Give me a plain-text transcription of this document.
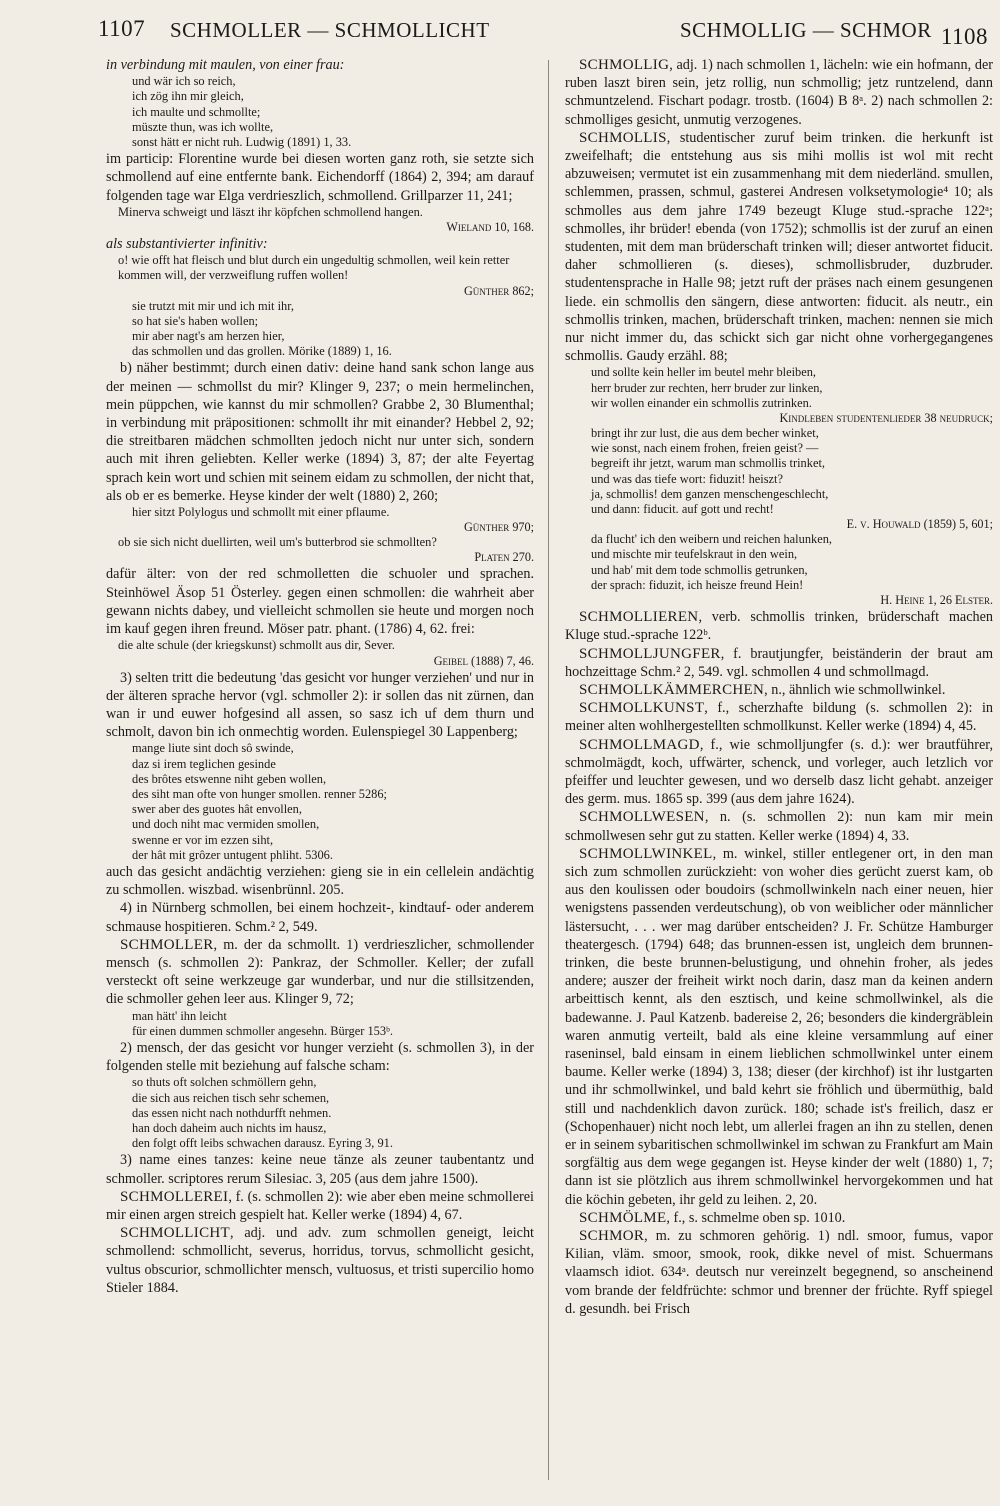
1107 SCHMOLLER — SCHMOLLICHT	SCHMOLLIG — SCHMOR 1108

in verbindung mit maulen, von einer frau:

und wär ich so reich,
ich zög ihn mir gleich,
ich maulte und schmollte;
müszte thun, was ich wollte,
sonst hätt er nicht ruh. Ludwig (1891) 1, 33.

im particip: Florentine wurde bei diesen worten ganz roth, sie setzte sich schmollend auf eine entfernte bank. Eichendorff (1864) 2, 394; am darauf folgenden tage war Elga verdrieszlich, schmollend. Grillparzer 11, 241;

Minerva schweigt und läszt ihr köpfchen schmollend hangen.
Wieland 10, 168.

als substantivierter infinitiv:

o! wie offt hat fleisch und blut durch ein ungedultig schmollen, weil kein retter kommen will, der verzweiflung ruffen wollen!
Günther 862;
sie trutzt mit mir und ich mit ihr,
so hat sie's haben wollen;
mir aber nagt's am herzen hier,
das schmollen und das grollen. Mörike (1889) 1, 16.

b) näher bestimmt; durch einen dativ: deine hand sank schon lange aus der meinen — schmollst du mir? Klinger 9, 237; o mein hermelinchen, mein püppchen, wie kannst du mir schmollen? Grabbe 2, 30 Blumenthal; in verbindung mit präpositionen: schmollt ihr mit einander? Hebbel 2, 92; die streitbaren mädchen schmollten jedoch nicht nur unter sich, sondern auch mit ihren geliebten. Keller werke (1894) 3, 87; der alte Feyertag sprach kein wort und schien mit seinem eidam zu schmollen, der nicht that, als ob er es bemerke. Heyse kinder der welt (1880) 2, 260;

hier sitzt Polylogus und schmollt mit einer pflaume.
Günther 970;
ob sie sich nicht duellirten, weil um's butterbrod sie schmollten?
Platen 270.

dafür älter: von der red schmolletten die schuoler und sprachen. Steinhöwel Äsop 51 Österley. gegen einen schmollen: die wahrheit aber gewann nichts dabey, und vielleicht schmollen sie heute und morgen noch im kauf gegen ihren freund. Möser patr. phant. (1786) 4, 62. frei:

die alte schule (der kriegskunst) schmollt aus dir, Sever.
Geibel (1888) 7, 46.

3) selten tritt die bedeutung 'das gesicht vor hunger verziehen' und nur in der älteren sprache hervor (vgl. schmoller 2): ir sollen das nit zürnen, dan wan ir und euwer hofgesind all assen, so sasz ich uf dem thurn und schmolt, davon bin ich onmechtig worden. Eulenspiegel 30 Lappenberg;

mange liute sint doch sô swinde,
daz si irem teglichen gesinde
des brôtes etswenne niht geben wollen,
des siht man ofte von hunger smollen. renner 5286;
swer aber des guotes hât envollen,
und doch niht mac vermiden smollen,
swenne er vor im ezzen siht,
der hât mit grôzer untugent phliht. 5306.

auch das gesicht andächtig verziehen: gieng sie in ein cellelein andächtig zu schmollen. wiszbad. wisenbrünnl. 205.

4) in Nürnberg schmollen, bei einem hochzeit-, kindtauf- oder anderem schmause hospitieren. Schm.² 2, 549.

SCHMOLLER, m. der da schmollt. 1) verdrieszlicher, schmollender mensch (s. schmollen 2): Pankraz, der Schmoller. Keller; der zufall versteckt oft seine werkzeuge gar wunderbar, und nur die stillsitzenden, die schmoller gehen leer aus. Klinger 9, 72;

man hätt' ihn leicht
für einen dummen schmoller angesehn. Bürger 153ᵇ.

2) mensch, der das gesicht vor hunger verzieht (s. schmollen 3), in der folgenden stelle mit beziehung auf falsche scham:

so thuts oft solchen schmöllern gehn,
die sich aus reichen tisch sehr schemen,
das essen nicht nach nothdurfft nehmen.
han doch daheim auch nichts im hausz,
den folgt offt leibs schwachen darausz. Eyring 3, 91.

3) name eines tanzes: keine neue tänze als zeuner taubentantz und schmoller. scriptores rerum Silesiac. 3, 205 (aus dem jahre 1500).

SCHMOLLEREI, f. (s. schmollen 2): wie aber eben meine schmollerei mir einen argen streich gespielt hat. Keller werke (1894) 4, 67.

SCHMOLLICHT, adj. und adv. zum schmollen geneigt, leicht schmollend: schmollicht, severus, horridus, torvus, schmollicht gesicht, vultus obscurior, schmollichter mensch, vultuosus, et tristi supercilio homo Stieler 1884.

SCHMOLLIG, adj. 1) nach schmollen 1, lächeln: wie ein hofmann, der ruben laszt biren sein, jetz rollig, nun schmollig; jetz runtzelend, dann schmuntzelend. Fischart podagr. trostb. (1604) B 8ᵃ. 2) nach schmollen 2: schmolliges gesicht, unmutig verzogenes.

SCHMOLLIS, studentischer zuruf beim trinken. die herkunft ist zweifelhaft; die entstehung aus sis mihi mollis ist wol mit recht abzuweisen; vermutet ist ein zusammenhang mit dem niederländ. smullen, schlemmen, prassen, schmul, gasterei Andresen volksetymologie⁴ 10; als schmolles aus dem jahre 1749 bezeugt Kluge stud.-sprache 122ᵃ; schmolles, ihr brüder! ebenda (von 1752); schmollis ist der zuruf an einen studenten, mit dem man brüderschaft trinken will; dieser antwortet fiducit. daher schmollieren (s. dieses), schmollisbruder, duzbruder. studentensprache in Halle 98; jetzt ruft der präses nach einem gesungenen liede. ein schmollis den sängern, diese antworten: fiducit. als neutr., ein schmollis trinken, machen, brüderschaft trinken, machen: nennen sie mich nur nicht immer du, das schickt sich gar nicht ohne vorhergegangenes schmollis. Gaudy erzähl. 88;

und sollte kein heller im beutel mehr bleiben,
herr bruder zur rechten, herr bruder zur linken,
wir wollen einander ein schmollis zutrinken.
Kindleben studentenlieder 38 neudruck;
bringt ihr zur lust, die aus dem becher winket,
wie sonst, nach einem frohen, freien geist? —
begreift ihr jetzt, warum man schmollis trinket,
und was das tiefe wort: fiduzit! heiszt?
ja, schmollis! dem ganzen menschengeschlecht,
und dann: fiducit. auf gott und recht!
E. v. Houwald (1859) 5, 601;
da flucht' ich den weibern und reichen halunken,
und mischte mir teufelskraut in den wein,
und hab' mit dem tode schmollis getrunken,
der sprach: fiduzit, ich heisze freund Hein!
H. Heine 1, 26 Elster.

SCHMOLLIEREN, verb. schmollis trinken, brüderschaft machen Kluge stud.-sprache 122ᵇ.

SCHMOLLJUNGFER, f. brautjungfer, beiständerin der braut am hochzeittage Schm.² 2, 549. vgl. schmollen 4 und schmollmagd.

SCHMOLLKÄMMERCHEN, n., ähnlich wie schmollwinkel.

SCHMOLLKUNST, f., scherzhafte bildung (s. schmollen 2): in meiner alten wohlhergestellten schmollkunst. Keller werke (1894) 4, 45.

SCHMOLLMAGD, f., wie schmolljungfer (s. d.): wer brautführer, schmolmägdt, koch, uffwärter, schenck, und vorleger, auch letzlich vor pfeiffer und leuchter gewesen, und wo derselb dasz licht gehabt. anzeiger des germ. mus. 1865 sp. 399 (aus dem jahre 1624).

SCHMOLLWESEN, n. (s. schmollen 2): nun kam mir mein schmollwesen sehr gut zu statten. Keller werke (1894) 4, 33.

SCHMOLLWINKEL, m. winkel, stiller entlegener ort, in den man sich zum schmollen zurückzieht: von woher dies gerücht zuerst kam, ob aus den koulissen oder boudoirs (schmollwinkeln nach einer neuen, hier wenigstens passenden verdeutschung), ob von weiblicher oder männlicher lästersucht, . . . wer mag darüber entscheiden? J. Fr. Schütze Hamburger theatergesch. (1794) 648; das brunnen-essen ist, ungleich dem brunnen-trinken, die beste brunnen-belustigung, und ohnehin froher, als jedes andere; auszer der freiheit wirkt noch darin, dasz man da keinen andern arbeittisch kennt, als den esztisch, und keine schmollwinkel, als die badewanne. J. Paul Katzenb. badereise 2, 26; besonders die kindergräblein waren anmutig verteilt, bald als eine kleine versammlung auf einer raseninsel, bald einsam in einem lieblichen schmollwinkel unter einem baume. Keller werke (1894) 3, 138; dieser (der kirchhof) ist ihr lustgarten und ihr schmollwinkel, und bald kehrt sie fröhlich und übermüthig, bald still und nachdenklich davon zurück. 180; schade ist's freilich, dasz er (Schopenhauer) nicht noch lebt, um allerlei fragen an ihn zu stellen, denen er in seinem sybaritischen schmollwinkel im schwan zu Frankfurt am Main sorgfältig aus dem wege gegangen ist. Heyse kinder der welt (1880) 1, 7; dann ist sie plötzlich aus ihrem schmollwinkel hervorgekommen und hat die köchin gebeten, ihr geld zu leihen. 2, 20.

SCHMÖLME, f., s. schmelme oben sp. 1010.

SCHMOR, m. zu schmoren gehörig. 1) ndl. smoor, fumus, vapor Kilian, vläm. smoor, smook, rook, dikke nevel of mist. Schuermans vlaamsch idiot. 634ᵃ. deutsch nur vereinzelt begegnend, so anscheinend vom brande der feldfrüchte: schmor und brenner der früchte. Ryff spiegel d. gesundh. bei Frisch
